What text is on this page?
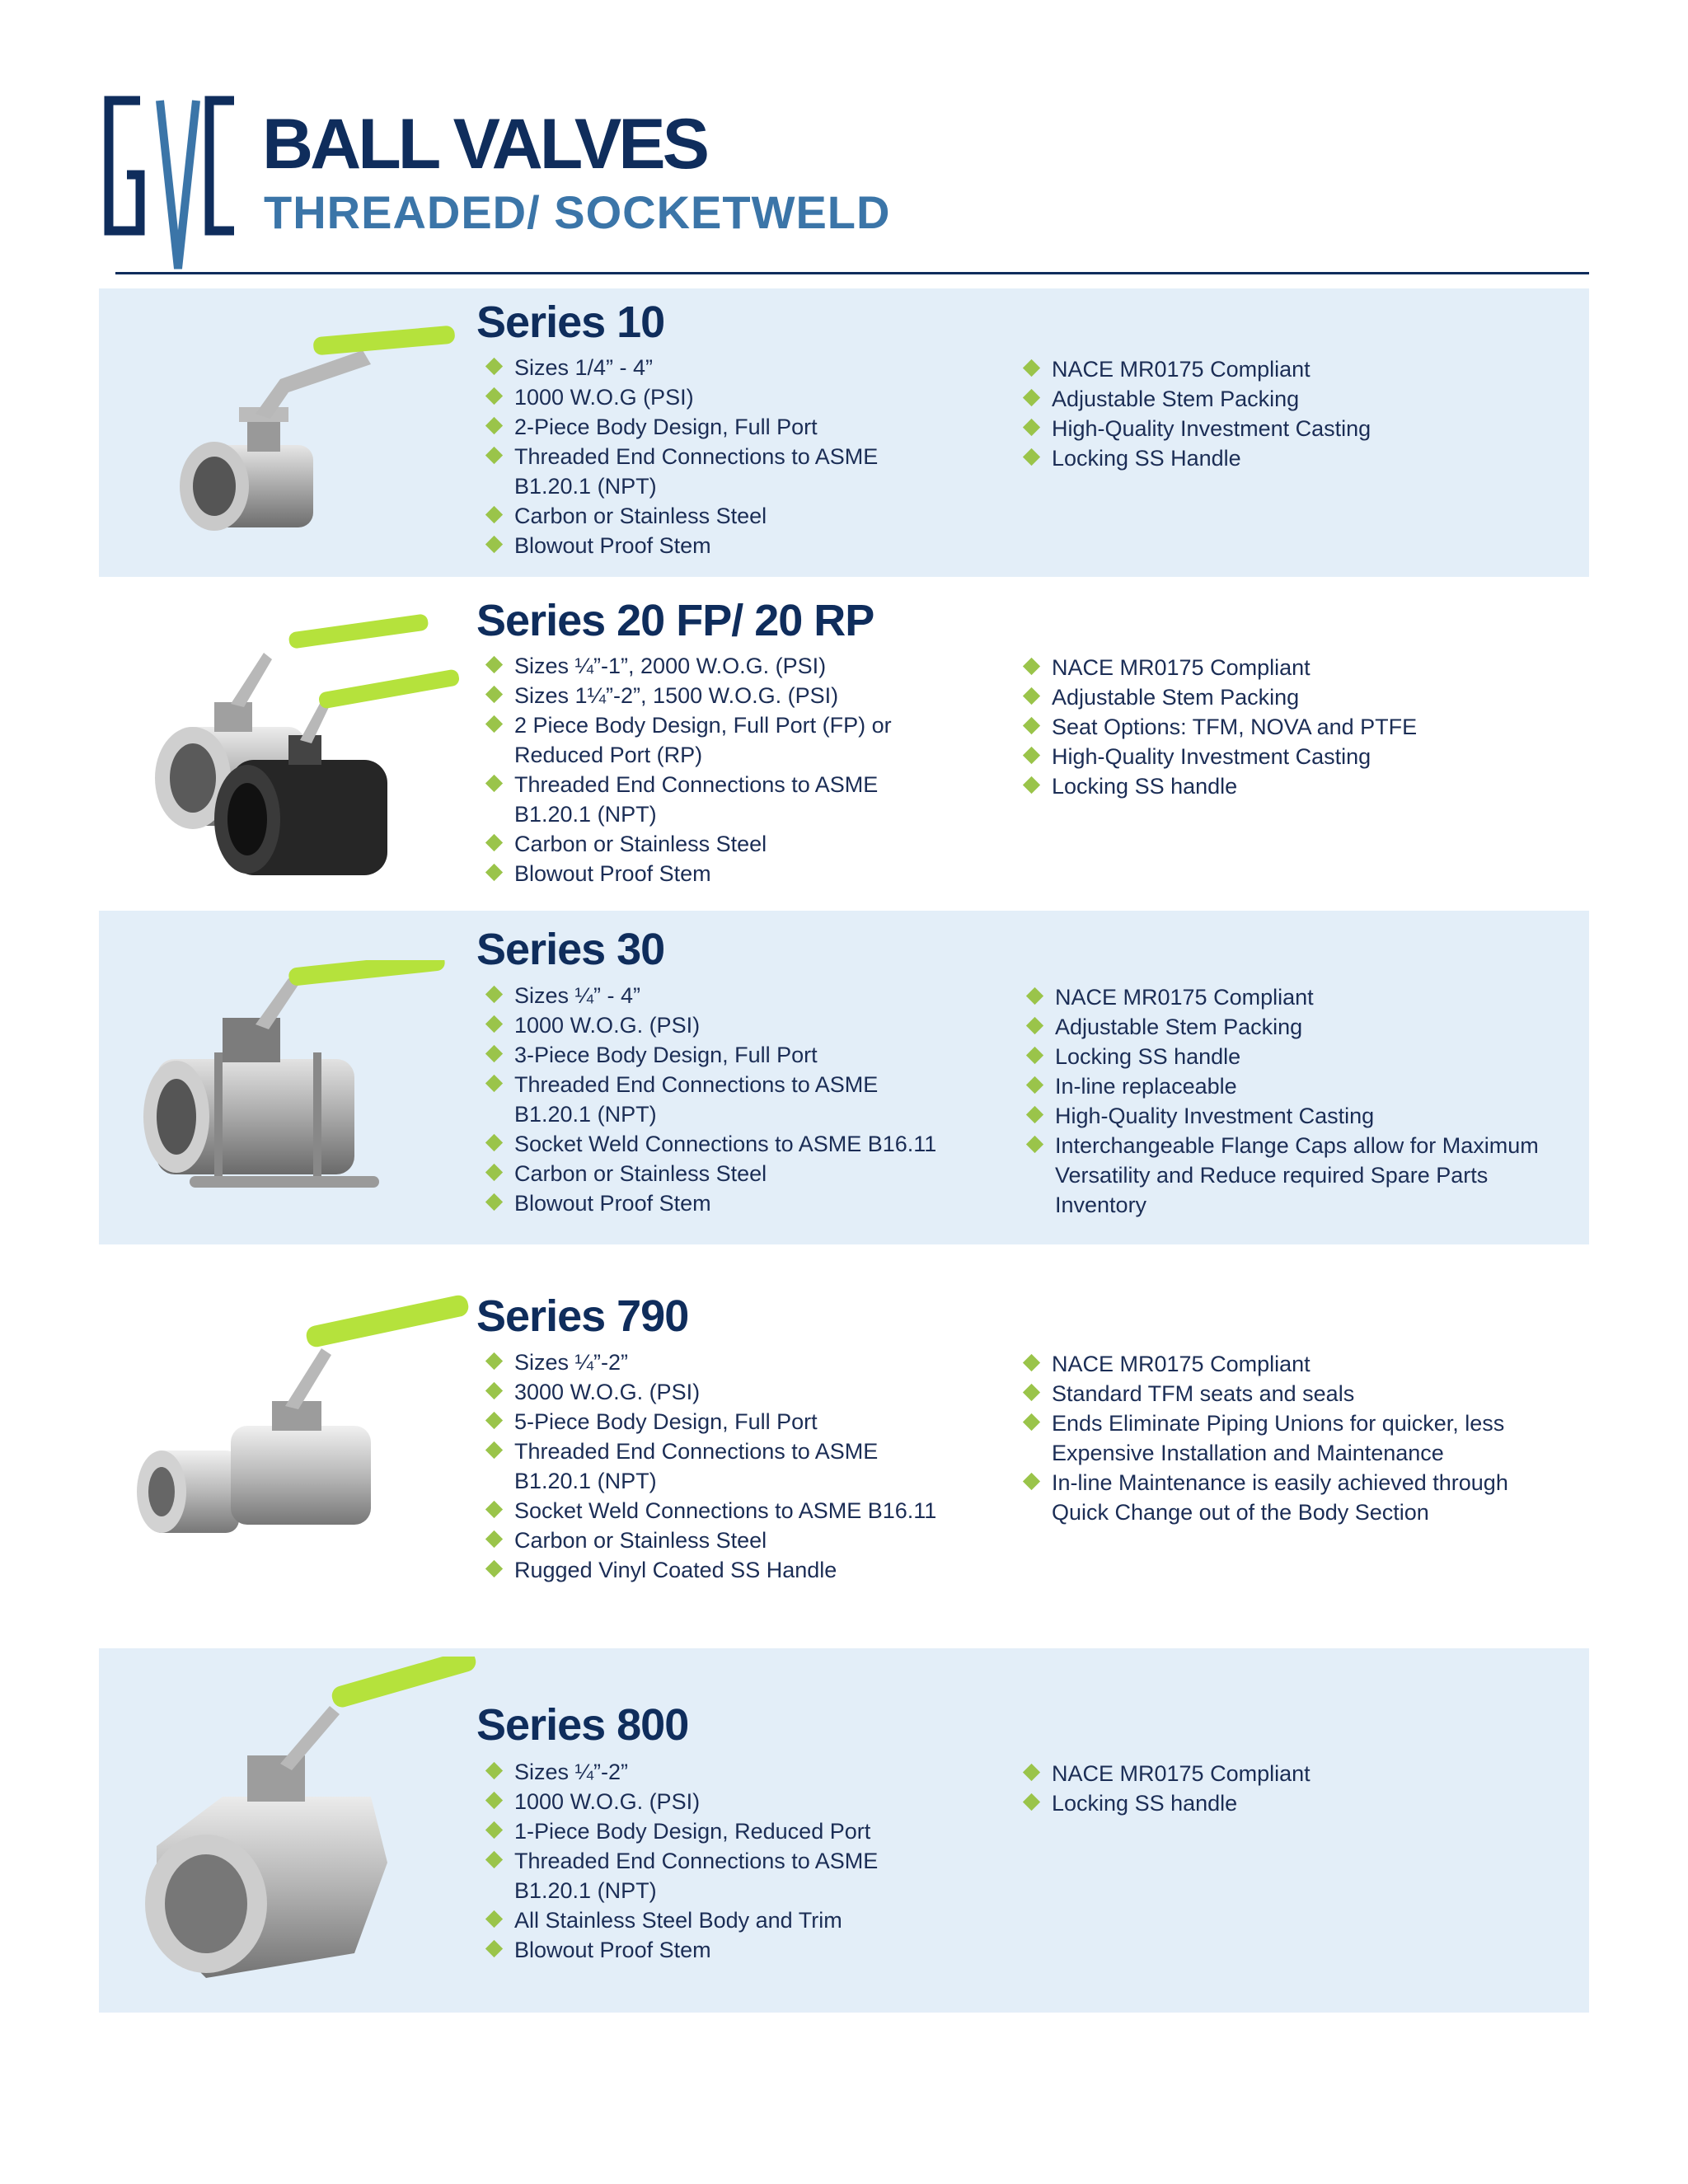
BALL VALVES
THREADED/ SOCKETWELD
Series 10
Sizes 1/4” - 4”
1000 W.O.G (PSI)
2-Piece Body Design, Full Port
Threaded End Connections to ASME
B1.20.1 (NPT)
Carbon or Stainless Steel
Blowout Proof Stem
NACE MR0175 Compliant
Adjustable Stem Packing
High-Quality Investment Casting
Locking SS Handle
Series 20 FP/ 20 RP
Sizes ¼”-1”, 2000 W.O.G. (PSI)
Sizes 1¼”-2”, 1500 W.O.G. (PSI)
2 Piece Body Design, Full Port (FP) or
Reduced Port (RP)
Threaded End Connections to ASME
B1.20.1 (NPT)
Carbon or Stainless Steel
Blowout Proof Stem
NACE MR0175 Compliant
Adjustable Stem Packing
Seat Options: TFM, NOVA and PTFE
High-Quality Investment Casting
Locking SS handle
Series 30
Sizes ¼” - 4”
1000 W.O.G. (PSI)
3-Piece Body Design, Full Port
Threaded End Connections to ASME
B1.20.1 (NPT)
Socket Weld Connections to ASME B16.11
Carbon or Stainless Steel
Blowout Proof Stem
NACE MR0175 Compliant
Adjustable Stem Packing
Locking SS handle
In-line replaceable
High-Quality Investment Casting
Interchangeable Flange Caps allow for Maximum
Versatility and Reduce required Spare Parts
Inventory
Series 790
Sizes ¼”-2”
3000 W.O.G. (PSI)
5-Piece Body Design, Full Port
Threaded End Connections to ASME
B1.20.1 (NPT)
Socket Weld Connections to ASME B16.11
Carbon or Stainless Steel
Rugged Vinyl Coated SS Handle
NACE MR0175 Compliant
Standard TFM seats and seals
Ends Eliminate Piping Unions for quicker, less
Expensive Installation and Maintenance
In-line Maintenance is easily achieved through
Quick Change out of the Body Section
Series 800
Sizes ¼”-2”
1000 W.O.G. (PSI)
1-Piece Body Design, Reduced Port
Threaded End Connections to ASME
B1.20.1 (NPT)
All Stainless Steel Body and Trim
Blowout Proof Stem
NACE MR0175 Compliant
Locking SS handle
